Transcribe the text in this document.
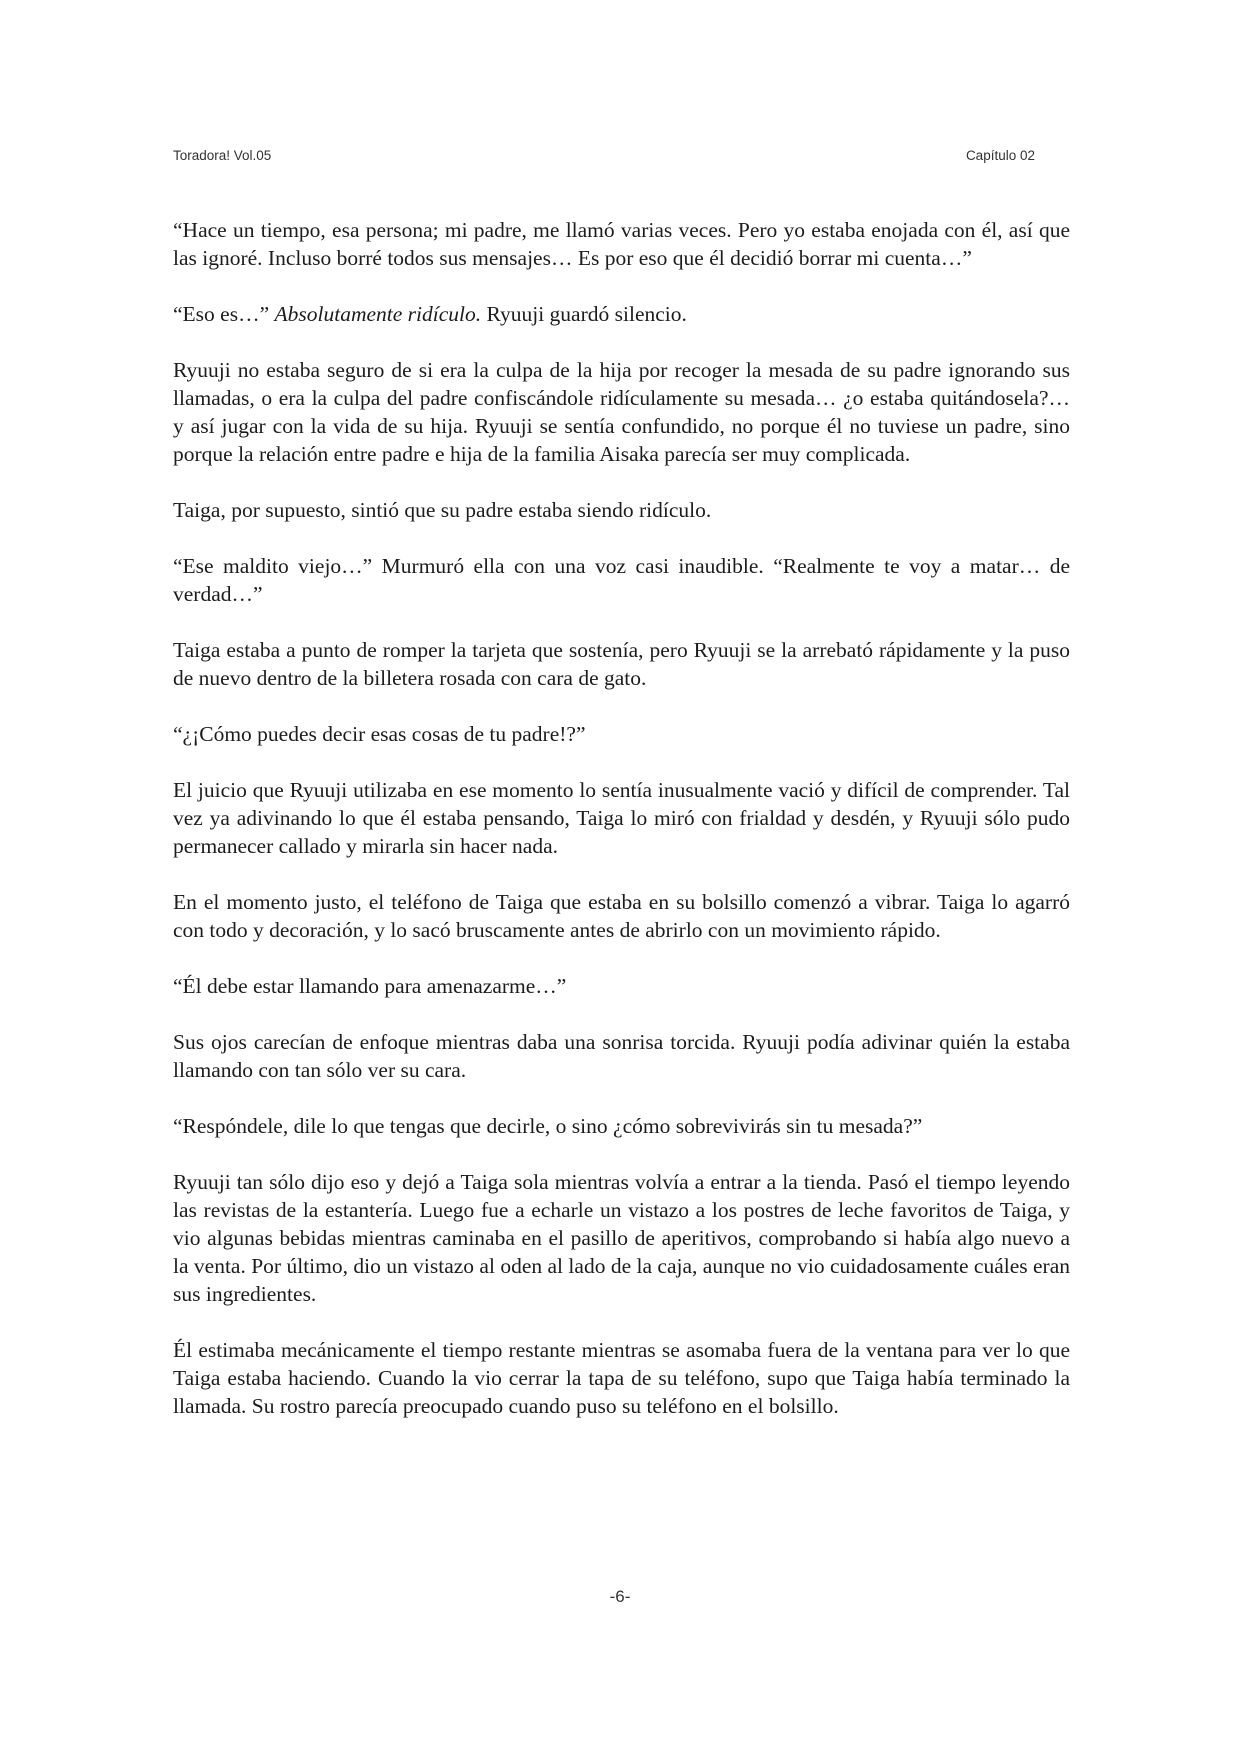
Toradora! Vol.05	Capítulo 02

“Hace un tiempo, esa persona; mi padre, me llamó varias veces. Pero yo estaba enojada con él, así que las ignoré. Incluso borré todos sus mensajes… Es por eso que él decidió borrar mi cuenta…”

“Eso es…” Absolutamente ridículo. Ryuuji guardó silencio.

Ryuuji no estaba seguro de si era la culpa de la hija por recoger la mesada de su padre ignorando sus llamadas, o era la culpa del padre confiscándole ridículamente su mesada… ¿o estaba quitándosela?… y así jugar con la vida de su hija. Ryuuji se sentía confundido, no porque él no tuviese un padre, sino porque la relación entre padre e hija de la familia Aisaka parecía ser muy complicada.

Taiga, por supuesto, sintió que su padre estaba siendo ridículo.

“Ese maldito viejo…” Murmuró ella con una voz casi inaudible. “Realmente te voy a matar… de verdad…”

Taiga estaba a punto de romper la tarjeta que sostenía, pero Ryuuji se la arrebató rápidamente y la puso de nuevo dentro de la billetera rosada con cara de gato.

“¿¡Cómo puedes decir esas cosas de tu padre!?”

El juicio que Ryuuji utilizaba en ese momento lo sentía inusualmente vació y difícil de comprender. Tal vez ya adivinando lo que él estaba pensando, Taiga lo miró con frialdad y desdén, y Ryuuji sólo pudo permanecer callado y mirarla sin hacer nada.

En el momento justo, el teléfono de Taiga que estaba en su bolsillo comenzó a vibrar. Taiga lo agarró con todo y decoración, y lo sacó bruscamente antes de abrirlo con un movimiento rápido.

“Él debe estar llamando para amenazarme…”

Sus ojos carecían de enfoque mientras daba una sonrisa torcida. Ryuuji podía adivinar quién la estaba llamando con tan sólo ver su cara.

“Respóndele, dile lo que tengas que decirle, o sino ¿cómo sobrevivirás sin tu mesada?”

Ryuuji tan sólo dijo eso y dejó a Taiga sola mientras volvía a entrar a la tienda. Pasó el tiempo leyendo las revistas de la estantería. Luego fue a echarle un vistazo a los postres de leche favoritos de Taiga, y vio algunas bebidas mientras caminaba en el pasillo de aperitivos, comprobando si había algo nuevo a la venta. Por último, dio un vistazo al oden al lado de la caja, aunque no vio cuidadosamente cuáles eran sus ingredientes.

Él estimaba mecánicamente el tiempo restante mientras se asomaba fuera de la ventana para ver lo que Taiga estaba haciendo. Cuando la vio cerrar la tapa de su teléfono, supo que Taiga había terminado la llamada. Su rostro parecía preocupado cuando puso su teléfono en el bolsillo.

-6-
